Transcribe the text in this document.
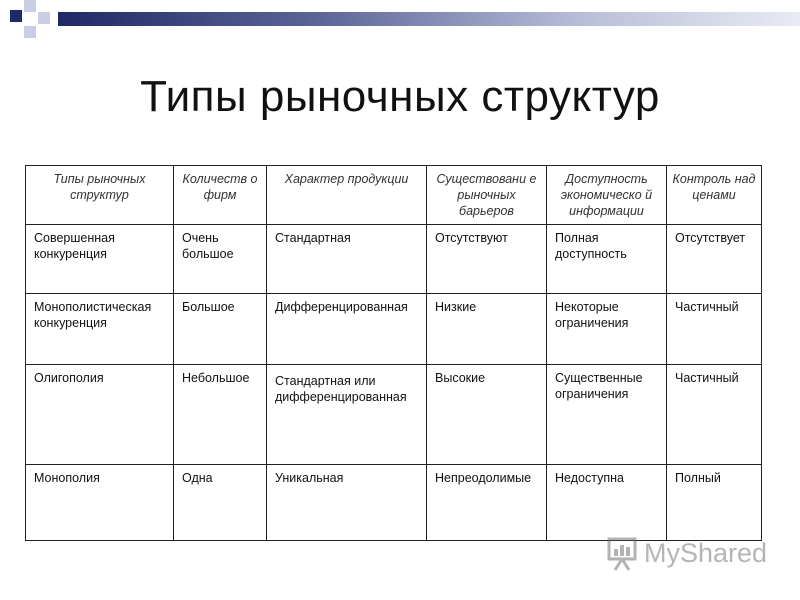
Типы рыночных структур
Типы рыночных структур	Количеств о фирм	Характер продукции	Существовани е рыночных барьеров	Доступность экономическо й информации	Контроль над ценами
Совершенная конкуренция	Очень большое	Стандартная	Отсутствуют	Полная доступность	Отсутствует
Монополистическая конкуренция	Большое	Дифференцированная	Низкие	Некоторые ограничения	Частичный
Олигополия	Небольшое	Стандартная или дифференцированная	Высокие	Существенные ограничения	Частичный
Монополия	Одна	Уникальная	Непреодолимые	Недоступна	Полный
MyShared
